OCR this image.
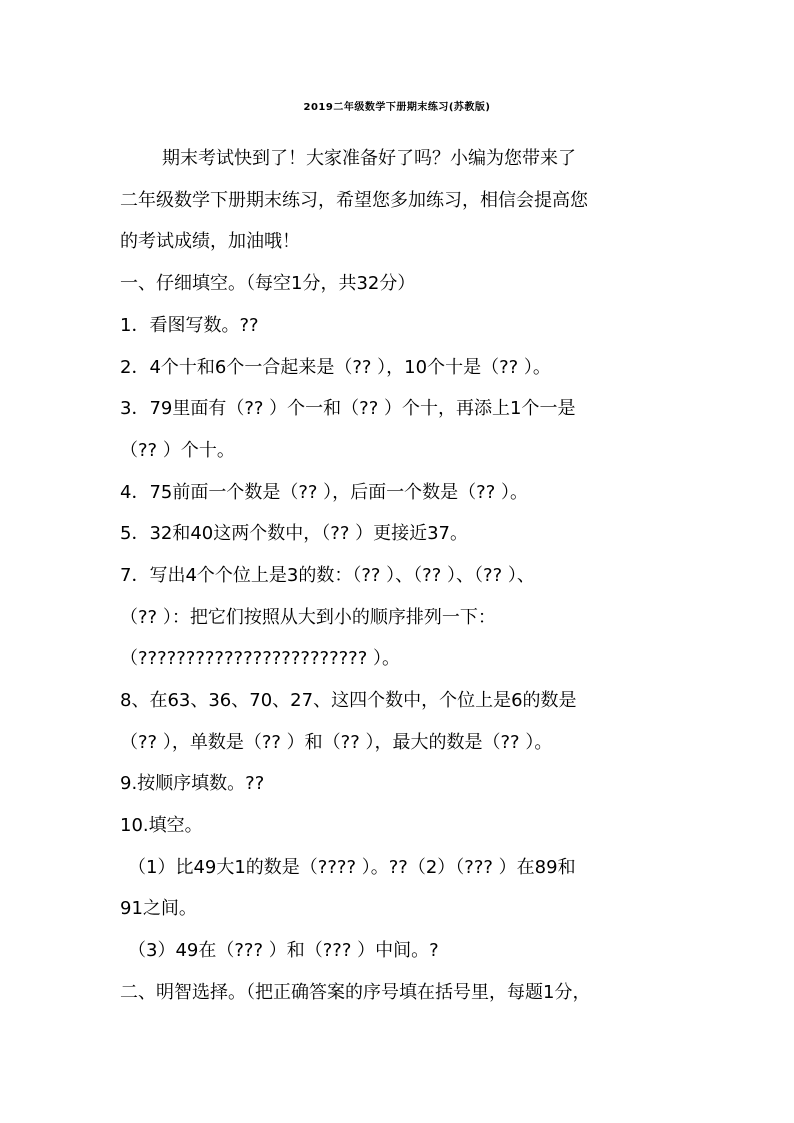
2019二年级数学下册期末练习(苏教版)
期末考试快到了！大家准备好了吗？小编为您带来了
二年级数学下册期末练习，希望您多加练习，相信会提高您
的考试成绩，加油哦！
一、仔细填空。（每空1分，共32分）
1．看图写数。??
2．4个十和6个一合起来是（?? ），10个十是（?? ）。
3．79里面有（?? ）个一和（?? ）个十，再添上1个一是
（?? ）个十。
4．75前面一个数是（?? ），后面一个数是（?? ）。
5．32和40这两个数中，（?? ）更接近37。
7．写出4个个位上是3的数：（?? ）、（?? ）、（?? ）、
（?? ）：把它们按照从大到小的顺序排列一下：
（???????????????????????? ）。
8、在63、36、70、27、这四个数中，个位上是6的数是
（?? ），单数是（?? ）和（?? ），最大的数是（?? ）。
9.按顺序填数。??
10.填空。
（1）比49大1的数是（???? ）。??（2）（??? ）在89和
91之间。
（3）49在（??? ）和（??? ）中间。?
二、明智选择。（把正确答案的序号填在括号里，每题1分，
